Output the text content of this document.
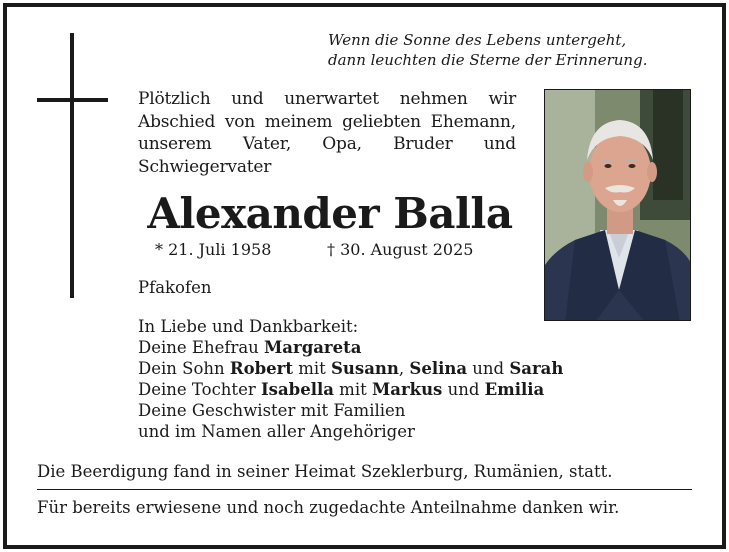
Wenn die Sonne des Lebens untergeht,
dann leuchten die Sterne der Erinnerung.
Plötzlich und unerwartet nehmen wir Abschied von meinem geliebten Ehemann, unserem Vater, Opa, Bruder und Schwiegervater
Alexander Balla
* 21. Juli 1958	† 30. August 2025
Pfakofen
In Liebe und Dankbarkeit:
Deine Ehefrau Margareta
Dein Sohn Robert mit Susann, Selina und Sarah
Deine Tochter Isabella mit Markus und Emilia
Deine Geschwister mit Familien
und im Namen aller Angehöriger
Die Beerdigung fand in seiner Heimat Szeklerburg, Rumänien, statt.
Für bereits erwiesene und noch zugedachte Anteilnahme danken wir.
